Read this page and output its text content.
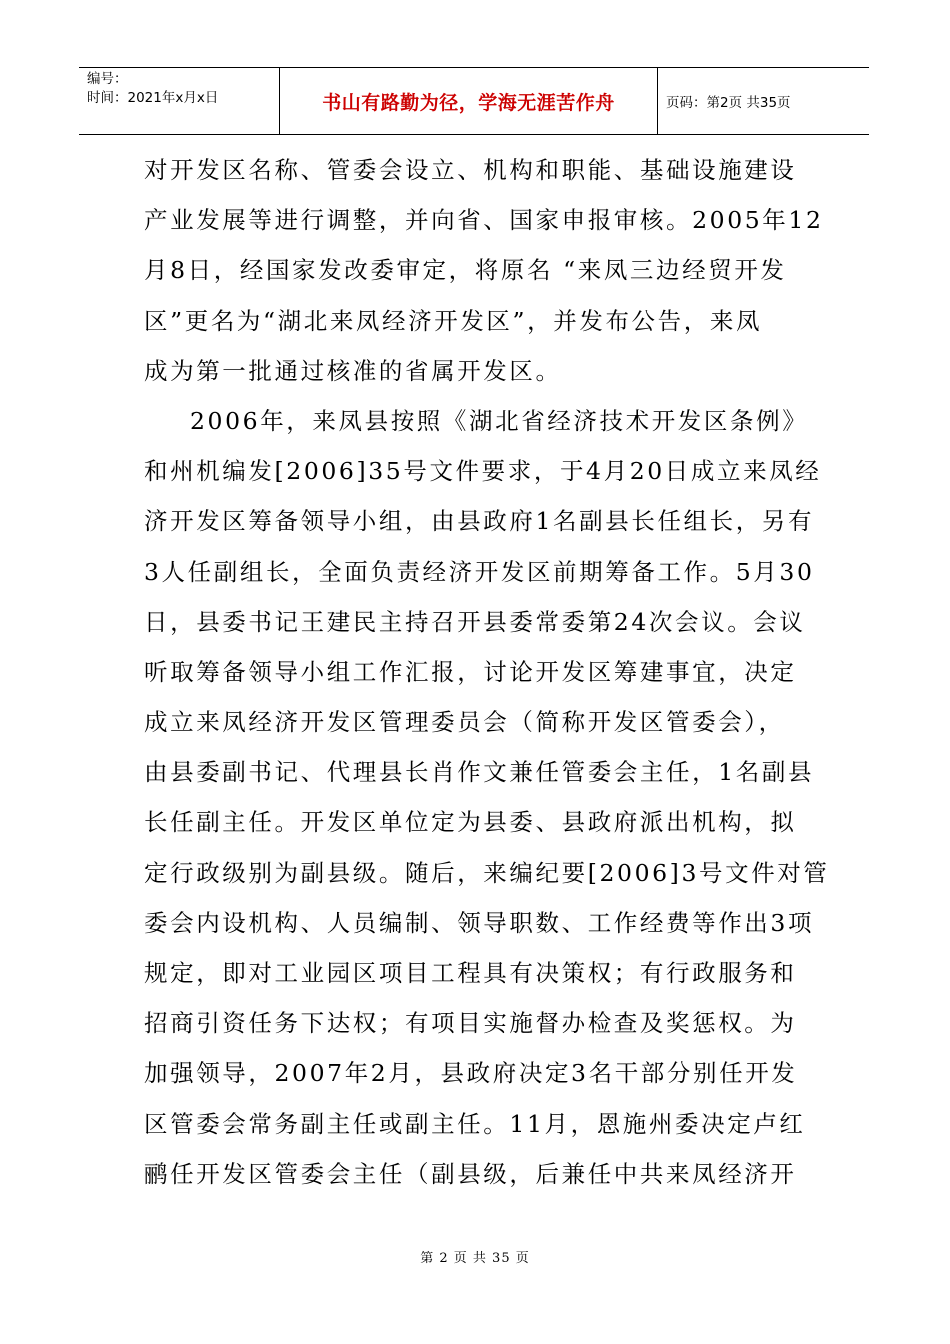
编号：
时间：2021年x月x日	书山有路勤为径，学海无涯苦作舟	页码：第2页 共35页
对开发区名称、管委会设立、机构和职能、基础设施建设
产业发展等进行调整，并向省、国家申报审核。2005年12
月8日，经国家发改委审定，将原名 “来凤三边经贸开发
区”更名为“湖北来凤经济开发区”，并发布公告，来凤
成为第一批通过核准的省属开发区。
2006年，来凤县按照《湖北省经济技术开发区条例》
和州机编发[2006]35号文件要求，于4月20日成立来凤经
济开发区筹备领导小组，由县政府1名副县长任组长，另有
3人任副组长，全面负责经济开发区前期筹备工作。5月30
日，县委书记王建民主持召开县委常委第24次会议。会议
听取筹备领导小组工作汇报，讨论开发区筹建事宜，决定
成立来凤经济开发区管理委员会（简称开发区管委会），
由县委副书记、代理县长肖作文兼任管委会主任，1名副县
长任副主任。开发区单位定为县委、县政府派出机构，拟
定行政级别为副县级。随后，来编纪要[2006]3号文件对管
委会内设机构、人员编制、领导职数、工作经费等作出3项
规定，即对工业园区项目工程具有决策权；有行政服务和
招商引资任务下达权；有项目实施督办检查及奖惩权。为
加强领导，2007年2月，县政府决定3名干部分别任开发
区管委会常务副主任或副主任。11月，恩施州委决定卢红
鹂任开发区管委会主任（副县级，后兼任中共来凤经济开
第 2 页 共 35 页
